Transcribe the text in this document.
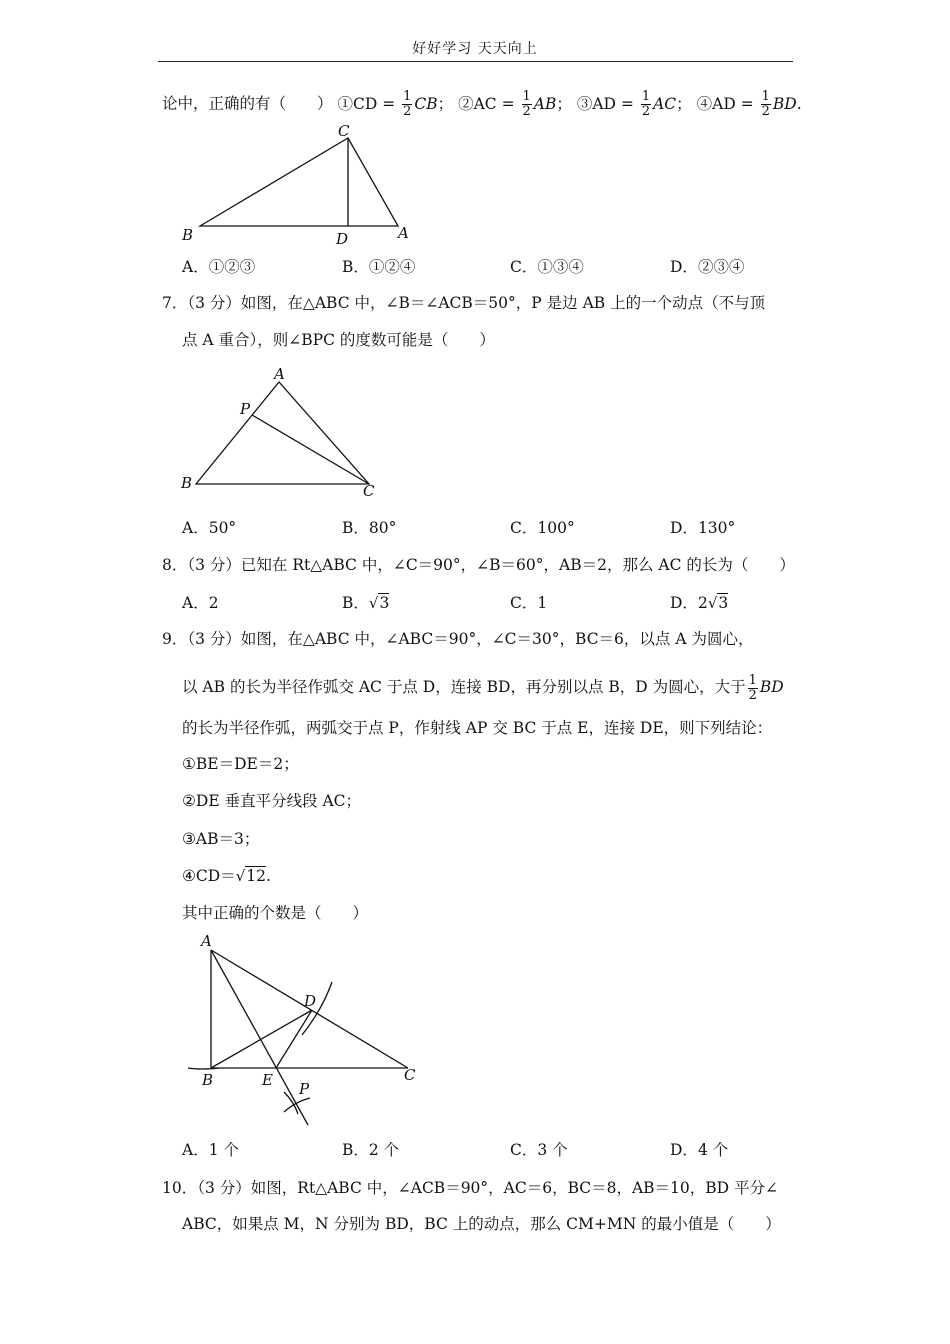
好好学习 天天向上
论中，正确的有（　　） ①CD = $\frac{1}{2}$ CB； ②AC = $\frac{1}{2}$ AB； ③AD = $\frac{1}{2}$ AC； ④AD = $\frac{1}{2}$ BD.
C
B	D	A
A．①②③	B．①②④	C．①③④	D．②③④
7．（3 分）如图，在△ABC 中，∠B＝∠ACB＝50°，P 是边 AB 上的一个动点（不与顶
点 A 重合），则∠BPC 的度数可能是（　　）
A
P
B	C
A．50°	B．80°	C．100°	D．130°
8．（3 分）已知在 Rt△ABC 中，∠C＝90°，∠B＝60°，AB＝2，那么 AC 的长为（　　）
A．2	B．√3	C．1	D．2√3
9．（3 分）如图，在△ABC 中，∠ABC＝90°，∠C＝30°，BC＝6，以点 A 为圆心，
以 AB 的长为半径作弧交 AC 于点 D，连接 BD，再分别以点 B，D 为圆心，大于 $\frac{1}{2}$ BD
的长为半径作弧，两弧交于点 P，作射线 AP 交 BC 于点 E，连接 DE，则下列结论：
①BE＝DE＝2；
②DE 垂直平分线段 AC；
③AB＝3；
④CD＝√12.
其中正确的个数是（　　）
A
D
C
B	E P
A．1 个	B．2 个	C．3 个	D．4 个
10．（3 分）如图，Rt△ABC 中，∠ACB＝90°，AC＝6，BC＝8，AB＝10，BD 平分∠
ABC，如果点 M，N 分别为 BD，BC 上的动点，那么 CM+MN 的最小值是（　　）
